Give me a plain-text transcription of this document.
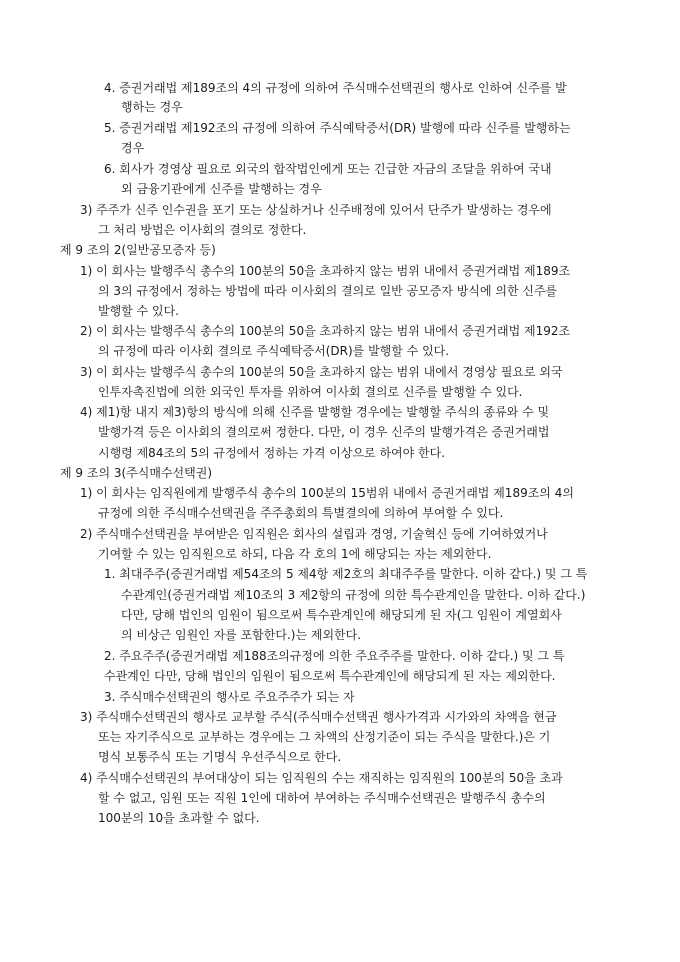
4. 증권거래법 제189조의 4의 규정에 의하여 주식매수선택권의 행사로 인하여 신주를 발
행하는 경우
5. 증권거래법 제192조의 규정에 의하여 주식예탁증서(DR) 발행에 따라 신주를 발행하는
경우
6. 회사가 경영상 필요로 외국의 합작법인에게 또는 긴급한 자금의 조달을 위하여 국내
외 금융기관에게 신주를 발행하는 경우
3) 주주가 신주 인수권을 포기 또는 상실하거나 신주배정에 있어서 단주가 발생하는 경우에
그 처리 방법은 이사회의 결의로 정한다.
제 9 조의 2(일반공모증자 등)
1) 이 회사는 발행주식 총수의 100분의 50을 초과하지 않는 범위 내에서 증권거래법 제189조
의 3의 규정에서 정하는 방법에 따라 이사회의 결의로 일반 공모증자 방식에 의한 신주를
발행할 수 있다.
2) 이 회사는 발행주식 총수의 100분의 50을 초과하지 않는 범위 내에서 증권거래법 제192조
의 규정에 따라 이사회 결의로 주식예탁증서(DR)를 발행할 수 있다.
3) 이 회사는 발행주식 총수의 100분의 50을 초과하지 않는 범위 내에서 경영상 필요로 외국
인투자촉진법에 의한 외국인 투자를 위하여 이사회 결의로 신주를 발행할 수 있다.
4) 제1)항 내지 제3)항의 방식에 의해 신주를 발행할 경우에는 발행할 주식의 종류와 수 및
발행가격 등은 이사회의 결의로써 정한다. 다만, 이 경우 신주의 발행가격은 증권거래법
시행령 제84조의 5의 규정에서 정하는 가격 이상으로 하여야 한다.
제 9 조의 3(주식매수선택권)
1) 이 회사는 임직원에게 발행주식 총수의 100분의 15범위 내에서 증권거래법 제189조의 4의
규정에 의한 주식매수선택권을 주주총회의 특별결의에 의하여 부여할 수 있다.
2) 주식매수선택권을 부여받은 임직원은 회사의 설립과 경영, 기술혁신 등에 기여하였거나
기여할 수 있는 임직원으로 하되, 다음 각 호의 1에 해당되는 자는 제외한다.
1. 최대주주(증권거래법 제54조의 5 제4항 제2호의 최대주주를 말한다. 이하 같다.) 및 그 특
수관계인(증권거래법 제10조의 3 제2항의 규정에 의한 특수관계인을 말한다. 이하 같다.)
다만, 당해 법인의 임원이 됨으로써 특수관계인에 해당되게 된 자(그 임원이 계열회사
의 비상근 임원인 자를 포함한다.)는 제외한다.
2. 주요주주(증권거래법 제188조의규정에 의한 주요주주를 말한다. 이하 같다.) 및 그 특
수관계인 다만, 당해 법인의 임원이 됨으로써 특수관계인에 해당되게 된 자는 제외한다.
3. 주식매수선택권의 행사로 주요주주가 되는 자
3) 주식매수선택권의 행사로 교부할 주식(주식매수선택권 행사가격과 시가와의 차액을 현금
또는 자기주식으로 교부하는 경우에는 그 차액의 산정기준이 되는 주식을 말한다.)은 기
명식 보통주식 또는 기명식 우선주식으로 한다.
4) 주식매수선택권의 부여대상이 되는 임직원의 수는 재직하는 임직원의 100분의 50을 초과
할 수 없고, 임원 또는 직원 1인에 대하여 부여하는 주식매수선택권은 발행주식 총수의
100분의 10을 초과할 수 없다.
